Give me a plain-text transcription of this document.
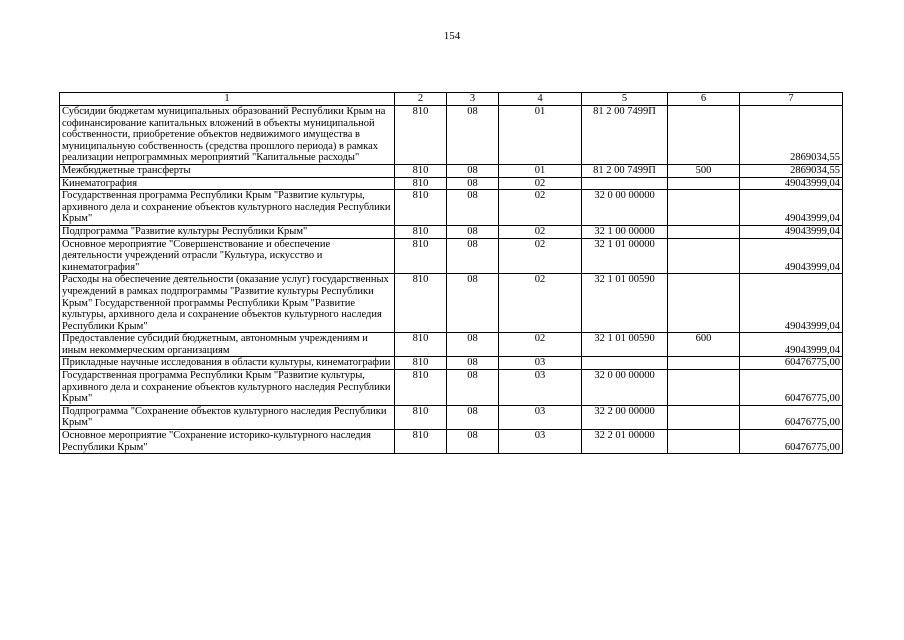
154
1	2	3	4	5	6	7
Субсидии бюджетам муниципальных образований Республики Крым на софинансирование капитальных вложений в объекты муниципальной собственности, приобретение объектов недвижимого имущества в муниципальную собственность (средства прошлого периода) в рамках реализации непрограммных мероприятий "Капитальные расходы"	810	08	01	81 2 00 7499П		2869034,55
Межбюджетные трансферты	810	08	01	81 2 00 7499П	500	2869034,55
Кинематография	810	08	02			49043999,04
Государственная программа Республики Крым "Развитие культуры, архивного дела и сохранение объектов культурного наследия Республики Крым"	810	08	02	32 0 00 00000		49043999,04
Подпрограмма "Развитие культуры Республики Крым"	810	08	02	32 1 00 00000		49043999,04
Основное мероприятие "Совершенствование и обеспечение деятельности учреждений отрасли "Культура, искусство и кинематография"	810	08	02	32 1 01 00000		49043999,04
Расходы на обеспечение деятельности (оказание услуг) государственных учреждений в рамках подпрограммы "Развитие культуры Республики Крым" Государственной программы Республики Крым "Развитие культуры, архивного дела и сохранение объектов культурного наследия Республики Крым"	810	08	02	32 1 01 00590		49043999,04
Предоставление субсидий бюджетным, автономным учреждениям и иным некоммерческим организациям	810	08	02	32 1 01 00590	600	49043999,04
Прикладные научные исследования в области культуры, кинематографии	810	08	03			60476775,00
Государственная программа Республики Крым "Развитие культуры, архивного дела и сохранение объектов культурного наследия Республики Крым"	810	08	03	32 0 00 00000		60476775,00
Подпрограмма "Сохранение объектов культурного наследия Республики Крым"	810	08	03	32 2 00 00000		60476775,00
Основное мероприятие "Сохранение историко-культурного наследия Республики Крым"	810	08	03	32 2 01 00000		60476775,00
